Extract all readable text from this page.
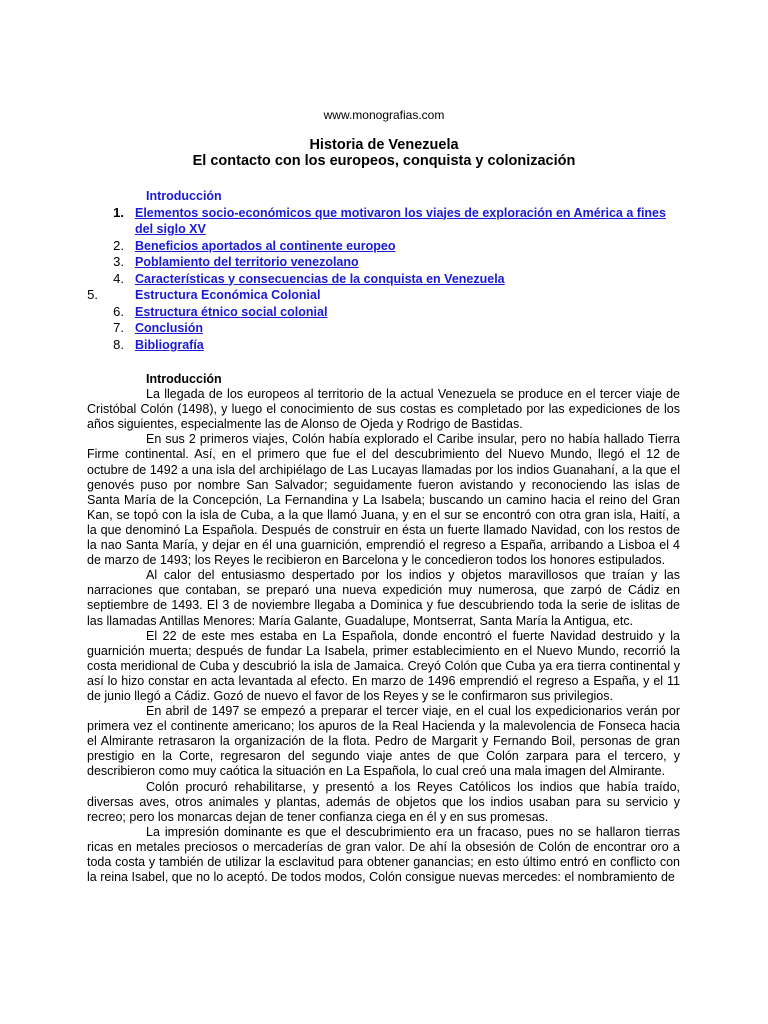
www.monografias.com
Historia de Venezuela
El contacto con los europeos, conquista y colonización
Introducción
1. Elementos socio-económicos que motivaron los viajes de exploración en América a fines del siglo XV
2. Beneficios aportados al continente europeo
3. Poblamiento del territorio venezolano
4. Características y consecuencias de la conquista en Venezuela
5.	Estructura Económica Colonial
6. Estructura étnico social colonial
7. Conclusión
8. Bibliografía
Introducción

La llegada de los europeos al territorio de la actual Venezuela se produce en el tercer viaje de Cristóbal Colón (1498), y luego el conocimiento de sus costas es completado por las expediciones de los años siguientes, especialmente las de Alonso de Ojeda y Rodrigo de Bastidas.

En sus 2 primeros viajes, Colón había explorado el Caribe insular, pero no había hallado Tierra Firme continental. Así, en el primero que fue el del descubrimiento del Nuevo Mundo, llegó el 12 de octubre de 1492 a una isla del archipiélago de Las Lucayas llamadas por los indios Guanahaní, a la que el genovés puso por nombre San Salvador; seguidamente fueron avistando y reconociendo las islas de Santa María de la Concepción, La Fernandina y La Isabela; buscando un camino hacia el reino del Gran Kan, se topó con la isla de Cuba, a la que llamó Juana, y en el sur se encontró con otra gran isla, Haití, a la que denominó La Española. Después de construir en ésta un fuerte llamado Navidad, con los restos de la nao Santa María, y dejar en él una guarnición, emprendió el regreso a España, arribando a Lisboa el 4 de marzo de 1493; los Reyes le recibieron en Barcelona y le concedieron todos los honores estipulados.

Al calor del entusiasmo despertado por los indios y objetos maravillosos que traían y las narraciones que contaban, se preparó una nueva expedición muy numerosa, que zarpó de Cádiz en septiembre de 1493. El 3 de noviembre llegaba a Dominica y fue descubriendo toda la serie de islitas de las llamadas Antillas Menores: María Galante, Guadalupe, Montserrat, Santa María la Antigua, etc.

El 22 de este mes estaba en La Española, donde encontró el fuerte Navidad destruido y la guarnición muerta; después de fundar La Isabela, primer establecimiento en el Nuevo Mundo, recorrió la costa meridional de Cuba y descubrió la isla de Jamaica. Creyó Colón que Cuba ya era tierra continental y así lo hizo constar en acta levantada al efecto. En marzo de 1496 emprendió el regreso a España, y el 11 de junio llegó a Cádiz. Gozó de nuevo el favor de los Reyes y se le confirmaron sus privilegios.

En abril de 1497 se empezó a preparar el tercer viaje, en el cual los expedicionarios verán por primera vez el continente americano; los apuros de la Real Hacienda y la malevolencia de Fonseca hacia el Almirante retrasaron la organización de la flota. Pedro de Margarit y Fernando Boil, personas de gran prestigio en la Corte, regresaron del segundo viaje antes de que Colón zarpara para el tercero, y describieron como muy caótica la situación en La Española, lo cual creó una mala imagen del Almirante.

Colón procuró rehabilitarse, y presentó a los Reyes Católicos los indios que había traído, diversas aves, otros animales y plantas, además de objetos que los indios usaban para su servicio y recreo; pero los monarcas dejan de tener confianza ciega en él y en sus promesas.

La impresión dominante es que el descubrimiento era un fracaso, pues no se hallaron tierras ricas en metales preciosos o mercaderías de gran valor. De ahí la obsesión de Colón de encontrar oro a toda costa y también de utilizar la esclavitud para obtener ganancias; en esto último entró en conflicto con la reina Isabel, que no lo aceptó. De todos modos, Colón consigue nuevas mercedes: el nombramiento de
